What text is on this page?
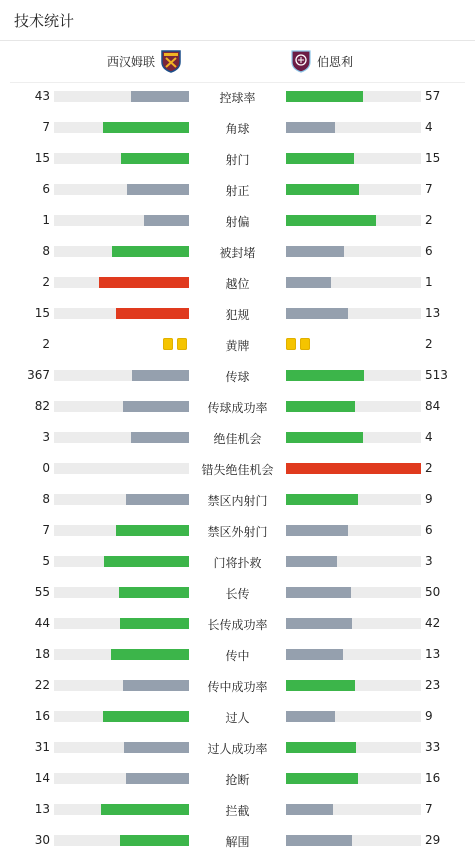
技术统计
西汉姆联	伯恩利
43	控球率	57
7	角球	4
15	射门	15
6	射正	7
1	射偏	2
8	被封堵	6
2	越位	1
15	犯规	13
2	黄牌	2
367	传球	513
82	传球成功率	84
3	绝佳机会	4
0	错失绝佳机会	2
8	禁区内射门	9
7	禁区外射门	6
5	门将扑救	3
55	长传	50
44	长传成功率	42
18	传中	13
22	传中成功率	23
16	过人	9
31	过人成功率	33
14	抢断	16
13	拦截	7
30	解围	29
